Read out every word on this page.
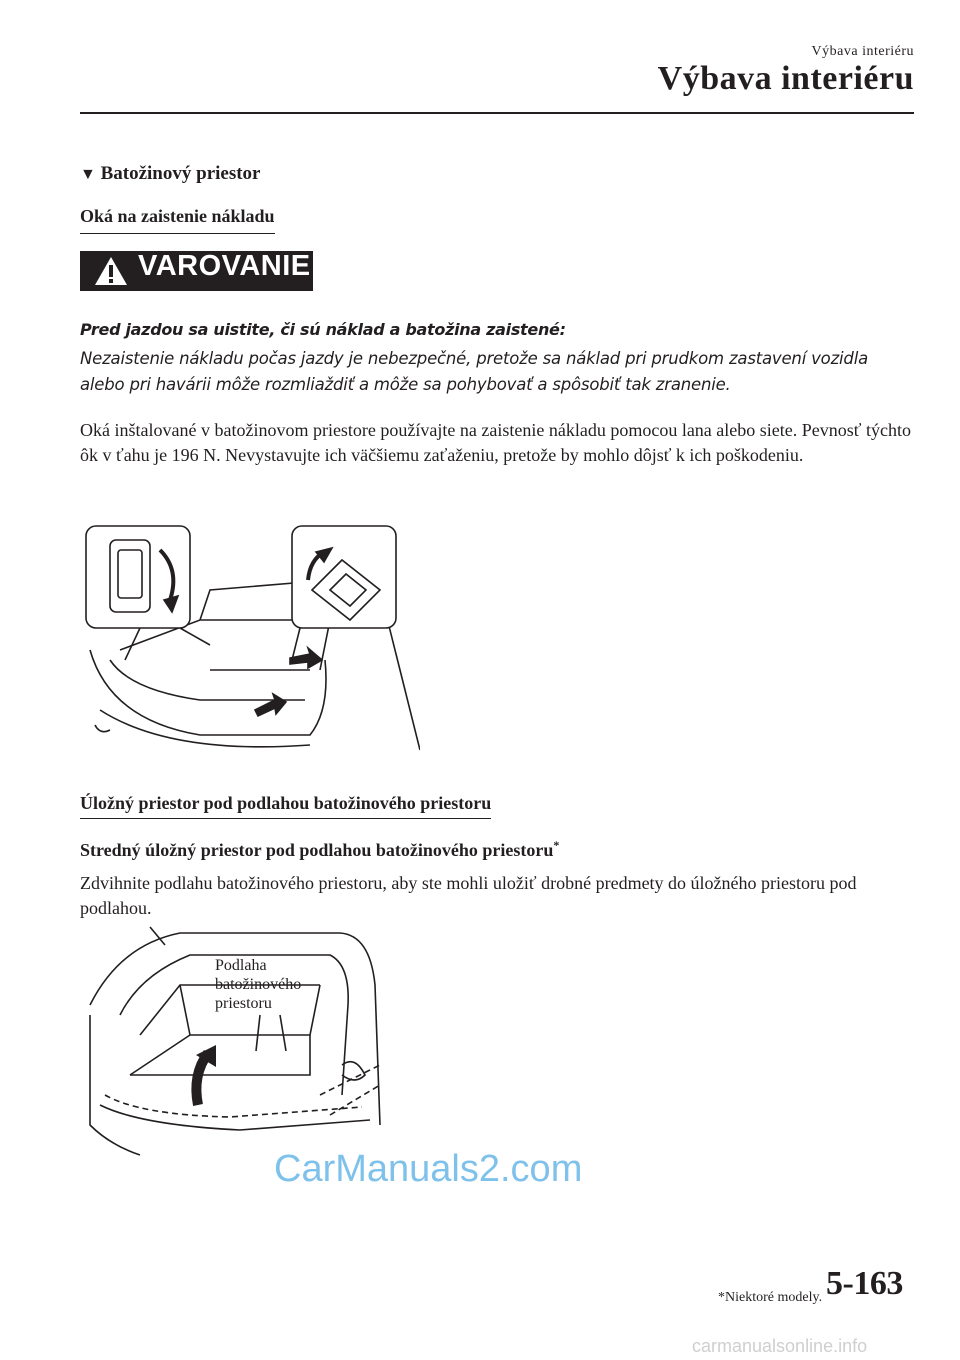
Výbava interiéru
Výbava interiéru
▼ Batožinový priestor
Oká na zaistenie nákladu
VAROVANIE
Pred jazdou sa uistite, či sú náklad a batožina zaistené:
Nezaistenie nákladu počas jazdy je nebezpečné, pretože sa náklad pri prudkom zastavení vozidla alebo pri havárii môže rozmliaždiť a môže sa pohybovať a spôsobiť tak zranenie.
Oká inštalované v batožinovom priestore používajte na zaistenie nákladu pomocou lana alebo siete. Pevnosť týchto ôk v ťahu je 196 N. Nevystavujte ich väčšiemu zaťaženiu, pretože by mohlo dôjsť k ich poškodeniu.
Úložný priestor pod podlahou batožinového priestoru
Stredný úložný priestor pod podlahou batožinového priestoru*
Zdvihnite podlahu batožinového priestoru, aby ste mohli uložiť drobné predmety do úložného priestoru pod podlahou.
Podlaha
batožinového
priestoru
CarManuals2.com
carmanualsonline.info
*Niektoré modely. 5-163
